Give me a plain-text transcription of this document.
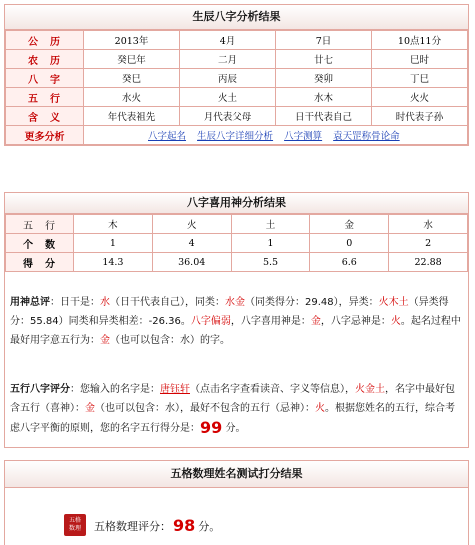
生辰八字分析结果
公　历	2013年	4月	7日	10点11分
农　历	癸巳年	二月	廿七	巳时
八　字	癸巳	丙辰	癸卯	丁巳
五　行	水火	火土	水木	火火
含　义	年代表祖先	月代表父母	日干代表自己	时代表子孙
更多分析	八字起名 生辰八字详细分析 八字测算 袁天罡称骨论命			
八字喜用神分析结果
五　行	木	火	土	金	水
个　数	1	4	1	0	2
得　分	14.3	36.04	5.5	6.6	22.88
用神总评：日干是：水（日干代表自己），同类：水金（同类得分：29.48），异类：火木土（异类得分：55.84）同类和异类相差：-26.36。八字偏弱，八字喜用神是：金，八字忌神是：火。起名过程中最好用字意五行为：金（也可以包含：水）的字。
五行八字评分：您输入的名字是：唐钰轩（点击名字查看读音、字义等信息），火金土，名字中最好包含五行（喜神）：金（也可以包含：水），最好不包含的五行（忌神）：火。根据您姓名的五行，综合考虑八字平衡的原则，您的名字五行得分是：99 分。
五格数理姓名测试打分结果
五格数理 五格数理评分： 98 分。
